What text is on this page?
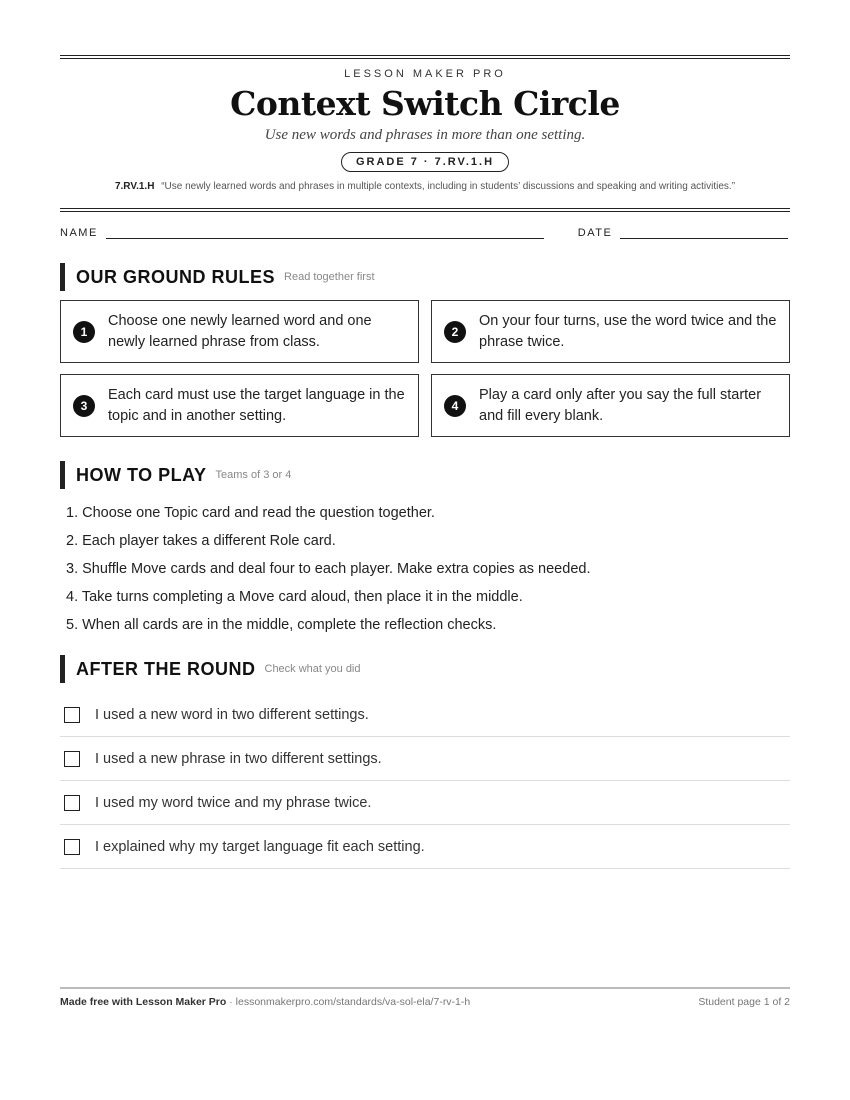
LESSON MAKER PRO
Context Switch Circle
Use new words and phrases in more than one setting.
GRADE 7 · 7.RV.1.H
7.RV.1.H “Use newly learned words and phrases in multiple contexts, including in students’ discussions and speaking and writing activities.”
NAME	DATE
OUR GROUND RULES Read together first
1
Choose one newly learned word and one newly learned phrase from class.
2
On your four turns, use the word twice and the phrase twice.
3
Each card must use the target language in the topic and in another setting.
4
Play a card only after you say the full starter and fill every blank.
HOW TO PLAY Teams of 3 or 4
1. Choose one Topic card and read the question together.
2. Each player takes a different Role card.
3. Shuffle Move cards and deal four to each player. Make extra copies as needed.
4. Take turns completing a Move card aloud, then place it in the middle.
5. When all cards are in the middle, complete the reflection checks.
AFTER THE ROUND Check what you did
I used a new word in two different settings.
I used a new phrase in two different settings.
I used my word twice and my phrase twice.
I explained why my target language fit each setting.
Made free with Lesson Maker Pro · lessonmakerpro.com/standards/va-sol-ela/7-rv-1-h	Student page 1 of 2
